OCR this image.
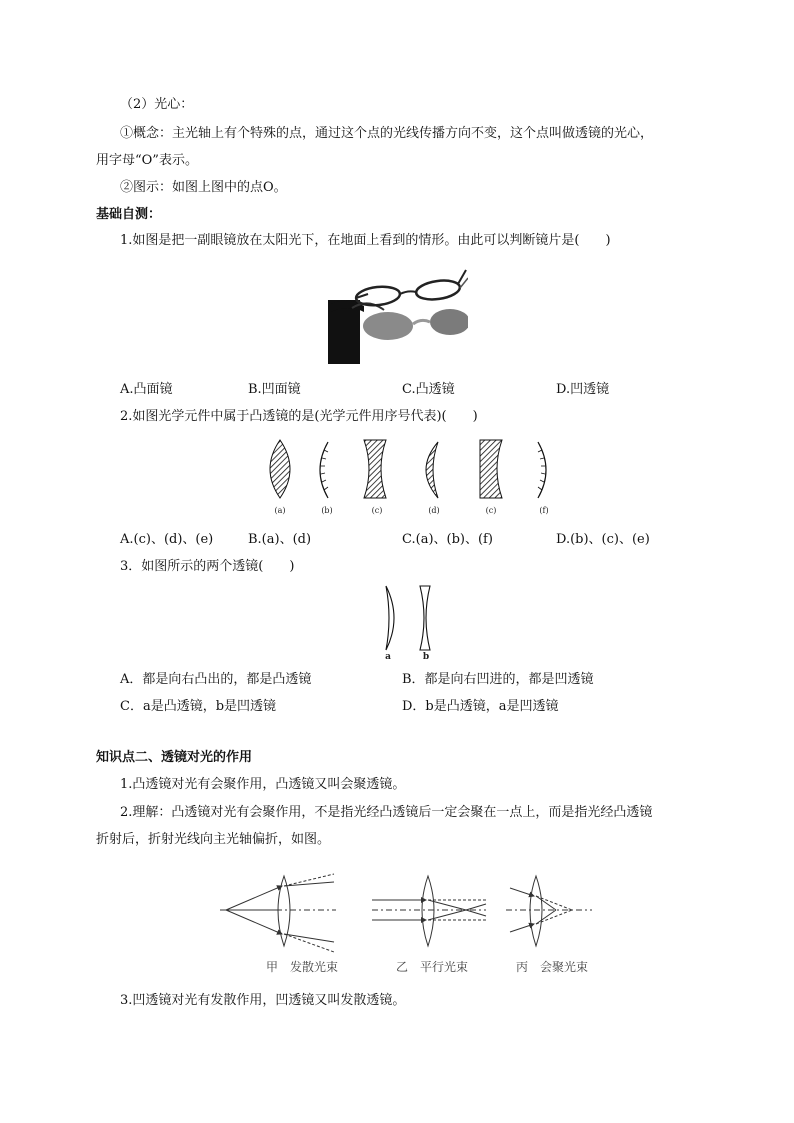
（2）光心：
①概念：主光轴上有个特殊的点，通过这个点的光线传播方向不变，这个点叫做透镜的光心，
用字母“O”表示。
②图示：如图上图中的点O。
基础自测：
1.如图是把一副眼镜放在太阳光下，在地面上看到的情形。由此可以判断镜片是(　　)
A.凸面镜	B.凹面镜	C.凸透镜	D.凹透镜
2.如图光学元件中属于凸透镜的是(光学元件用序号代表)(　　)
(a)	(b)	(c)	(d)	(c)	(f)
A.(c)、(d)、(e)	B.(a)、(d)	C.(a)、(b)、(f)	D.(b)、(c)、(e)
3．如图所示的两个透镜(　　)
a	b
A．都是向右凸出的，都是凸透镜	B．都是向右凹进的，都是凹透镜
C．a是凸透镜，b是凹透镜	D．b是凸透镜，a是凹透镜
知识点二、透镜对光的作用
1.凸透镜对光有会聚作用，凸透镜又叫会聚透镜。
2.理解：凸透镜对光有会聚作用，不是指光经凸透镜后一定会聚在一点上，而是指光经凸透镜
折射后，折射光线向主光轴偏折，如图。
甲　发散光束	乙　平行光束	丙　会聚光束
3.凹透镜对光有发散作用，凹透镜又叫发散透镜。
